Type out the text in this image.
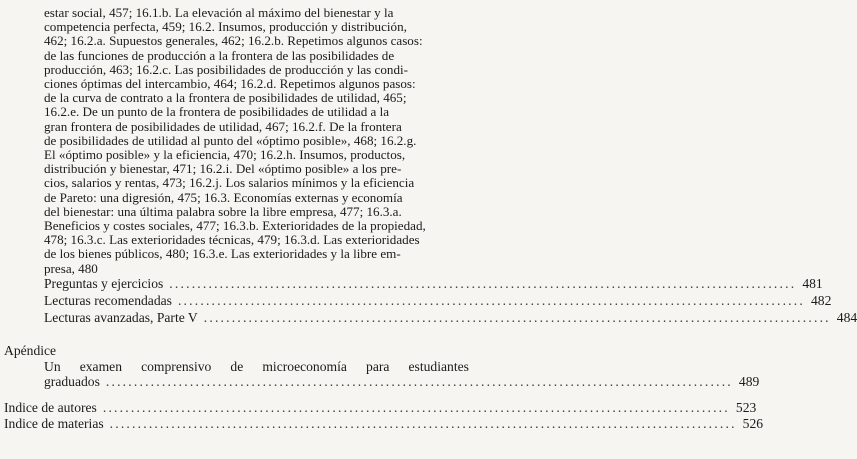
estar social, 457; 16.1.b. La elevación al máximo del bienestar y la
competencia perfecta, 459; 16.2. Insumos, producción y distribución,
462; 16.2.a. Supuestos generales, 462; 16.2.b. Repetimos algunos casos:
de las funciones de producción a la frontera de las posibilidades de
producción, 463; 16.2.c. Las posibilidades de producción y las condi-
ciones óptimas del intercambio, 464; 16.2.d. Repetimos algunos pasos:
de la curva de contrato a la frontera de posibilidades de utilidad, 465;
16.2.e. De un punto de la frontera de posibilidades de utilidad a la
gran frontera de posibilidades de utilidad, 467; 16.2.f. De la frontera
de posibilidades de utilidad al punto del «óptimo posible», 468; 16.2.g.
El «óptimo posible» y la eficiencia, 470; 16.2.h. Insumos, productos,
distribución y bienestar, 471; 16.2.i. Del «óptimo posible» a los pre-
cios, salarios y rentas, 473; 16.2.j. Los salarios mínimos y la eficiencia
de Pareto: una digresión, 475; 16.3. Economías externas y economía
del bienestar: una última palabra sobre la libre empresa, 477; 16.3.a.
Beneficios y costes sociales, 477; 16.3.b. Exterioridades de la propiedad,
478; 16.3.c. Las exterioridades técnicas, 479; 16.3.d. Las exterioridades
de los bienes públicos, 480; 16.3.e. Las exterioridades y la libre em-
presa, 480
Preguntas y ejercicios ................................................................................................................ 481
Lecturas recomendadas ................................................................................................................ 482
Lecturas avanzadas, Parte V ................................................................................................................ 484
Apéndice
Un examen comprensivo de microeconomía para estudiantes
graduados ................................................................................................................ 489
Indice de autores ................................................................................................................ 523
Indice de materias ................................................................................................................ 526
